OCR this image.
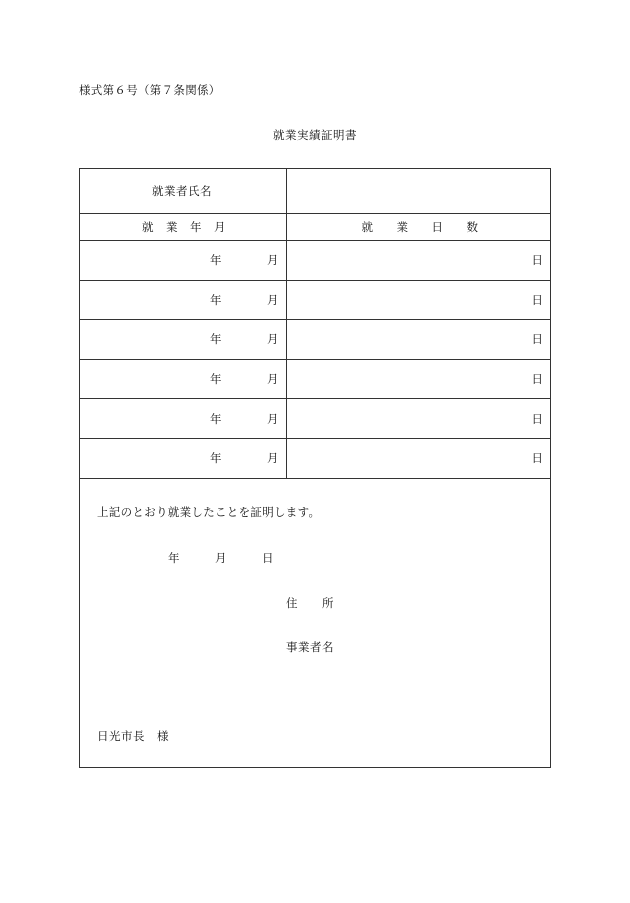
様式第６号（第７条関係）
就業実績証明書
就業者氏名	

就 業 年 月	就 業 日 数

年 月	日

年 月	日

年 月	日

年 月	日

年 月	日

年 月	日
上記のとおり就業したことを証明します。
年	月	日
住	所
事業者名
日光市長	様
